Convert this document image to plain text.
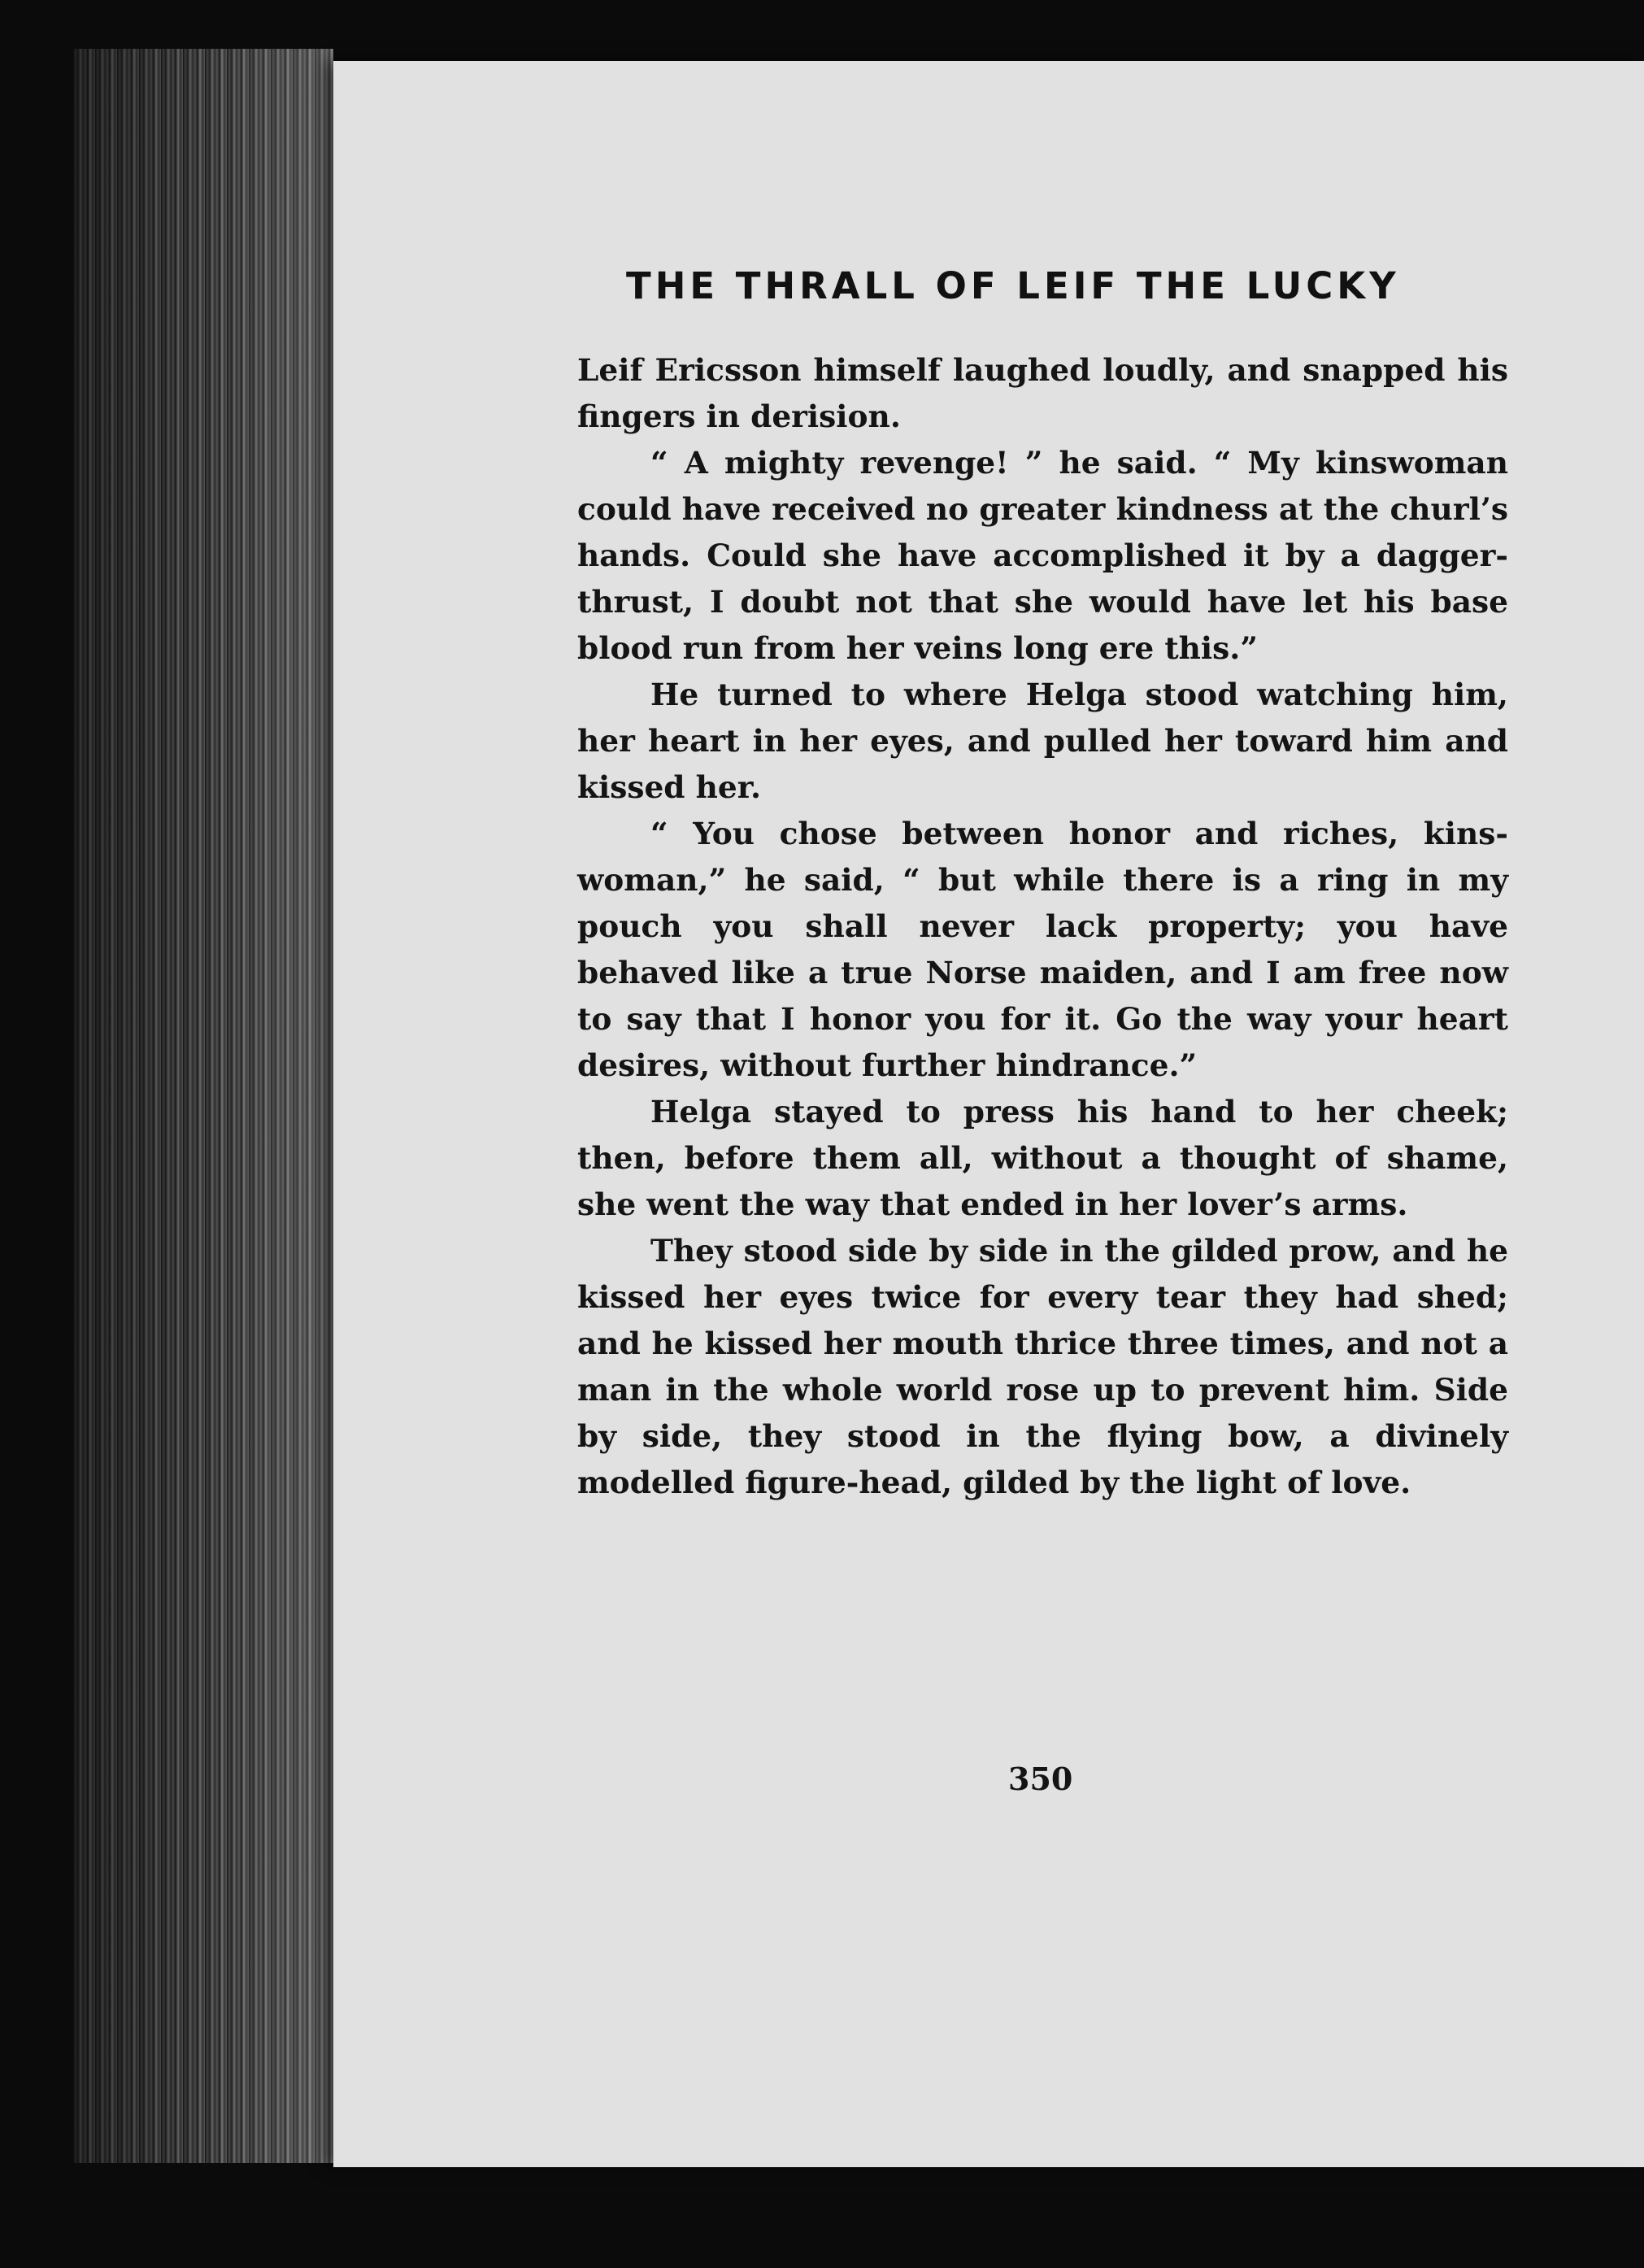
THE THRALL OF LEIF THE LUCKY

Leif Ericsson himself laughed loudly, and snapped his fingers in derision.

“ A mighty revenge! ” he said. “ My kinswoman could have received no greater kindness at the churl’s hands. Could she have accomplished it by a dagger-thrust, I doubt not that she would have let his base blood run from her veins long ere this.”

He turned to where Helga stood watching him, her heart in her eyes, and pulled her toward him and kissed her.

“ You chose between honor and riches, kins-woman,” he said, “ but while there is a ring in my pouch you shall never lack property; you have behaved like a true Norse maiden, and I am free now to say that I honor you for it. Go the way your heart desires, without further hindrance.”

Helga stayed to press his hand to her cheek; then, before them all, without a thought of shame, she went the way that ended in her lover’s arms.

They stood side by side in the gilded prow, and he kissed her eyes twice for every tear they had shed; and he kissed her mouth thrice three times, and not a man in the whole world rose up to prevent him. Side by side, they stood in the flying bow, a divinely modelled ﬁgure-head, gilded by the light of love.

350
